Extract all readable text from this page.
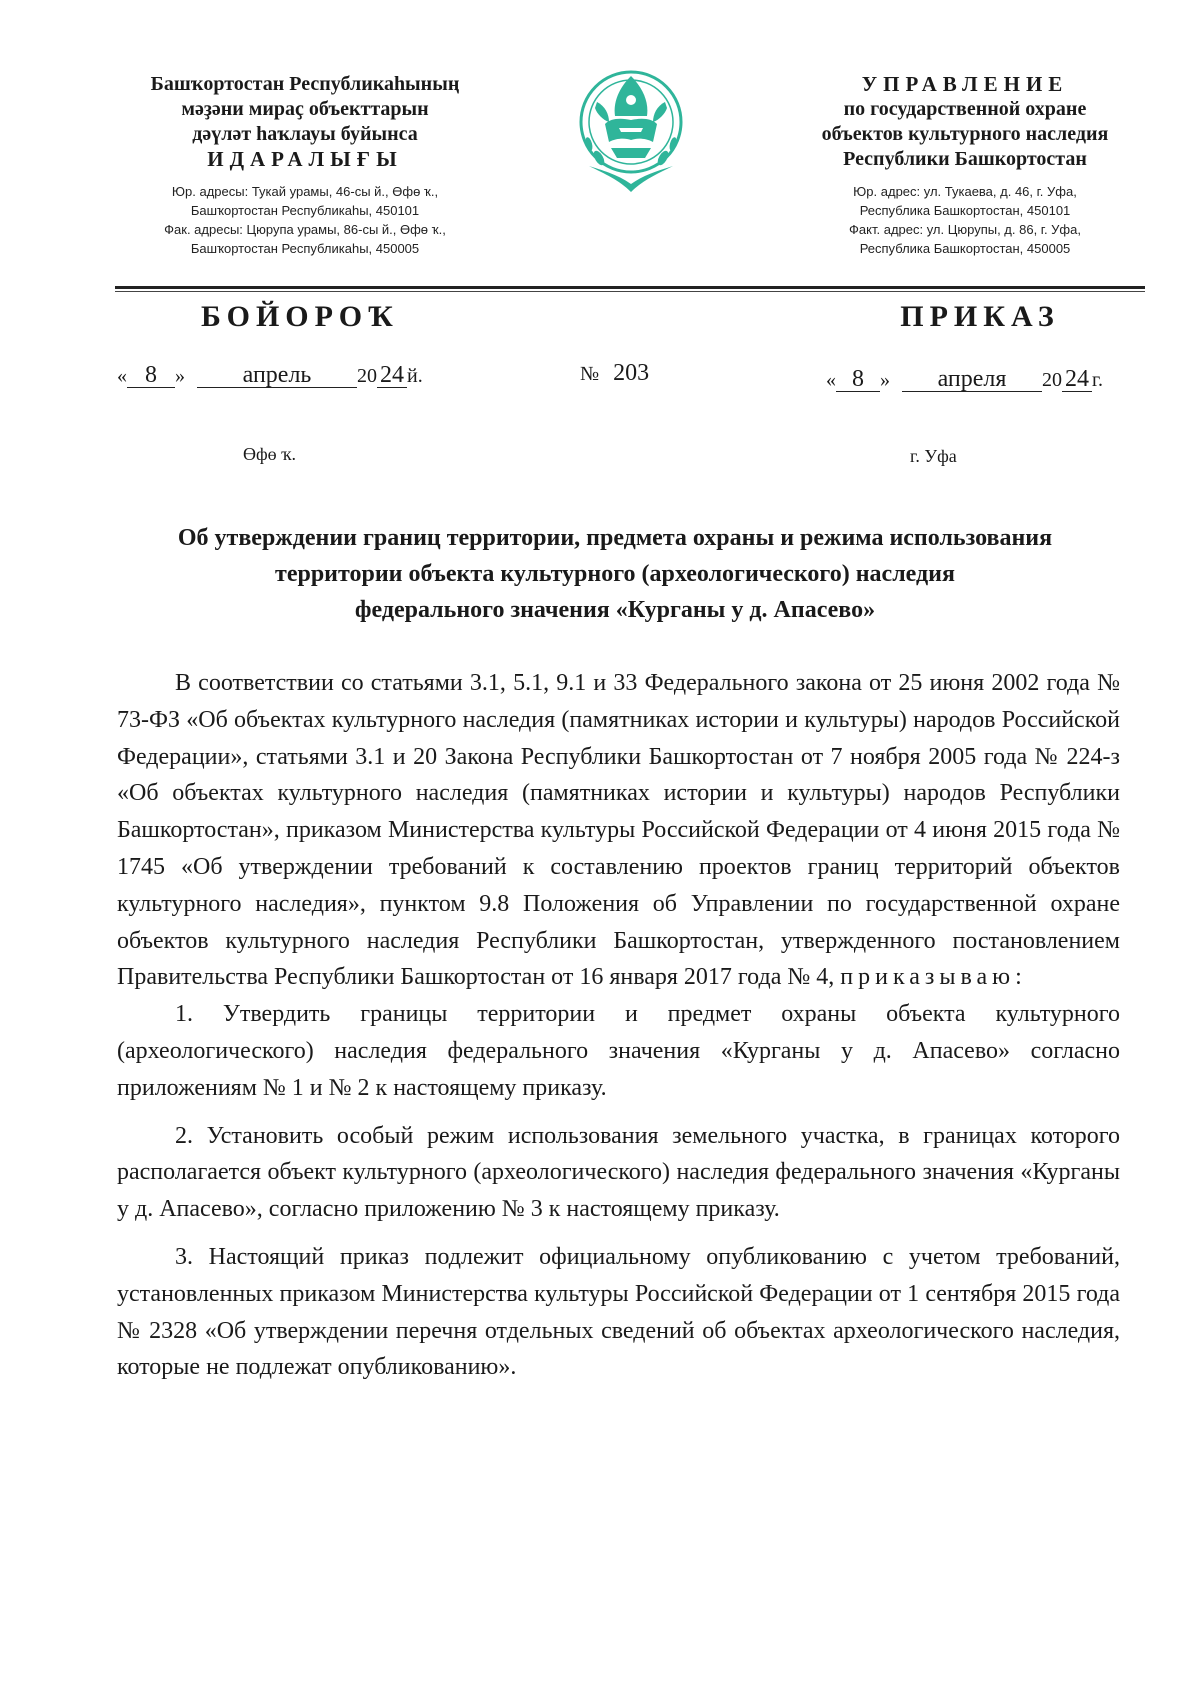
Башҡортостан Республикаһының
мәҙәни мираҫ объекттарын
дәүләт һаҡлауы буйынса
ИДАРАЛЫҒЫ
Юр. адресы: Тукай урамы, 46-сы й., Өфө ҡ.,
Башҡортостан Республикаһы, 450101
Фак. адресы: Цюрупа урамы, 86-сы й., Өфө ҡ.,
Башҡортостан Республикаһы, 450005
УПРАВЛЕНИЕ
по государственной охране
объектов культурного наследия
Республики Башкортостан
Юр. адрес: ул. Тукаева, д. 46, г. Уфа,
Республика Башкортостан, 450101
Факт. адрес: ул. Цюрупы, д. 86, г. Уфа,
Республика Башкортостан, 450005
БОЙОРОҠ	ПРИКАЗ
« 8 » апрель 20 24 й.	№ 203	« 8 » апреля 20 24 г.
Өфө ҡ.	г. Уфа
Об утверждении границ территории, предмета охраны и режима использования
территории объекта культурного (археологического) наследия
федерального значения «Курганы у д. Апасево»

В соответствии со статьями 3.1, 5.1, 9.1 и 33 Федерального закона от 25 июня 2002 года № 73-ФЗ «Об объектах культурного наследия (памятниках истории и культуры) народов Российской Федерации», статьями 3.1 и 20 Закона Республики Башкортостан от 7 ноября 2005 года № 224-з «Об объектах культурного наследия (памятниках истории и культуры) народов Республики Башкортостан», приказом Министерства культуры Российской Федерации от 4 июня 2015 года № 1745 «Об утверждении требований к составлению проектов границ территорий объектов культурного наследия», пунктом 9.8 Положения об Управлении по государственной охране объектов культурного наследия Республики Башкортостан, утвержденного постановлением Правительства Республики Башкортостан от 16 января 2017 года № 4, приказываю:

1. Утвердить границы территории и предмет охраны объекта культурного (археологического) наследия федерального значения «Курганы у д. Апасево» согласно приложениям № 1 и № 2 к настоящему приказу.

2. Установить особый режим использования земельного участка, в границах которого располагается объект культурного (археологического) наследия федерального значения «Курганы у д. Апасево», согласно приложению № 3 к настоящему приказу.

3. Настоящий приказ подлежит официальному опубликованию с учетом требований, установленных приказом Министерства культуры Российской Федерации от 1 сентября 2015 года № 2328 «Об утверждении перечня отдельных сведений об объектах археологического наследия, которые не подлежат опубликованию».
